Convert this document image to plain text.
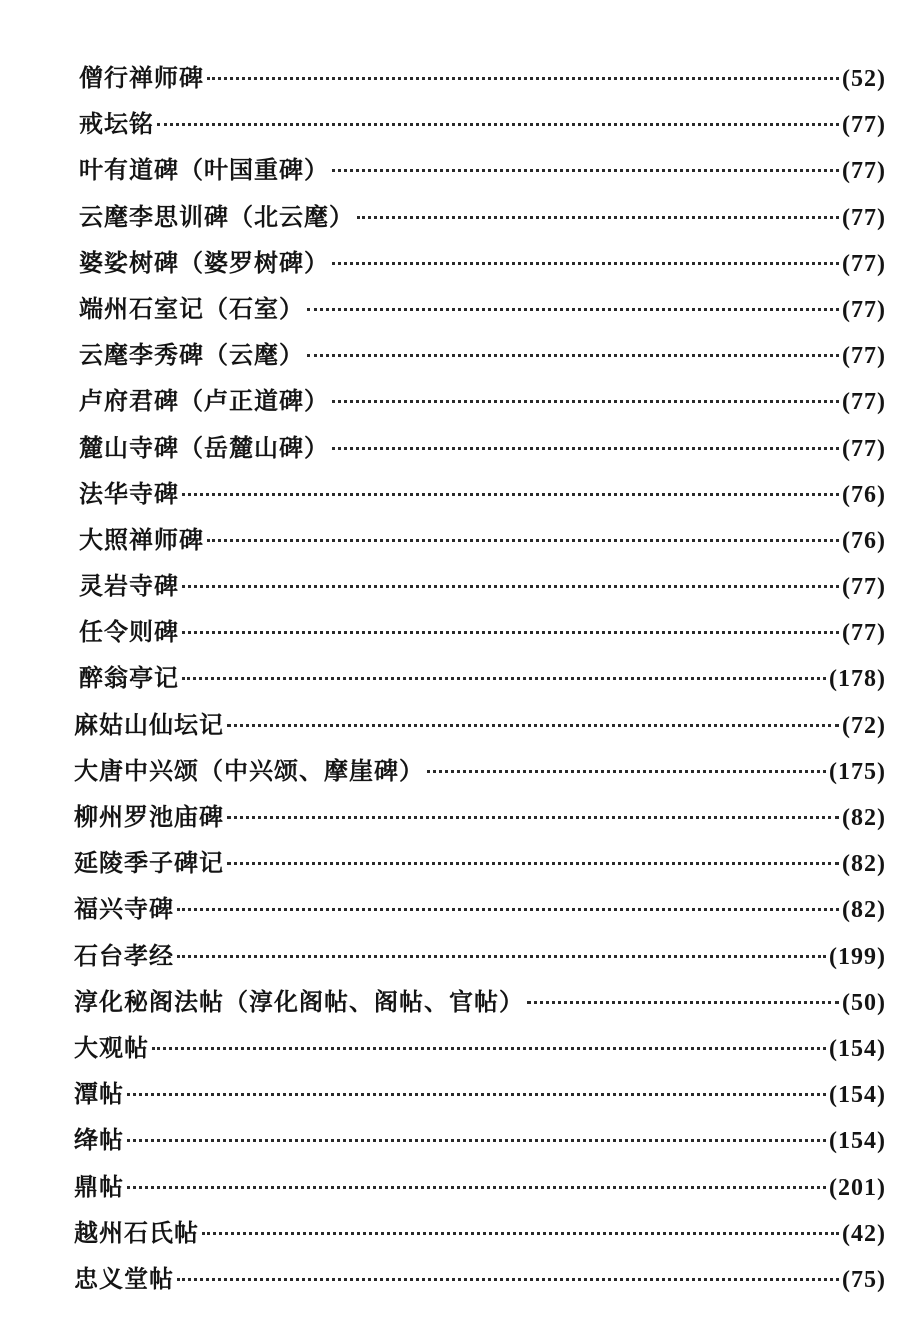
僧行禅师碑	(52)
戒坛铭	(77)
叶有道碑（叶国重碑）	(77)
云麾李思训碑（北云麾）	(77)
婆娑树碑（婆罗树碑）	(77)
端州石室记（石室）	(77)
云麾李秀碑（云麾）	(77)
卢府君碑（卢正道碑）	(77)
麓山寺碑（岳麓山碑）	(77)
法华寺碑	(76)
大照禅师碑	(76)
灵岩寺碑	(77)
任令则碑	(77)
醉翁亭记	(178)
麻姑山仙坛记	(72)
大唐中兴颂（中兴颂、摩崖碑）	(175)
柳州罗池庙碑	(82)
延陵季子碑记	(82)
福兴寺碑	(82)
石台孝经	(199)
淳化秘阁法帖（淳化阁帖、阁帖、官帖）	(50)
大观帖	(154)
潭帖	(154)
绛帖	(154)
鼎帖	(201)
越州石氏帖	(42)
忠义堂帖	(75)
